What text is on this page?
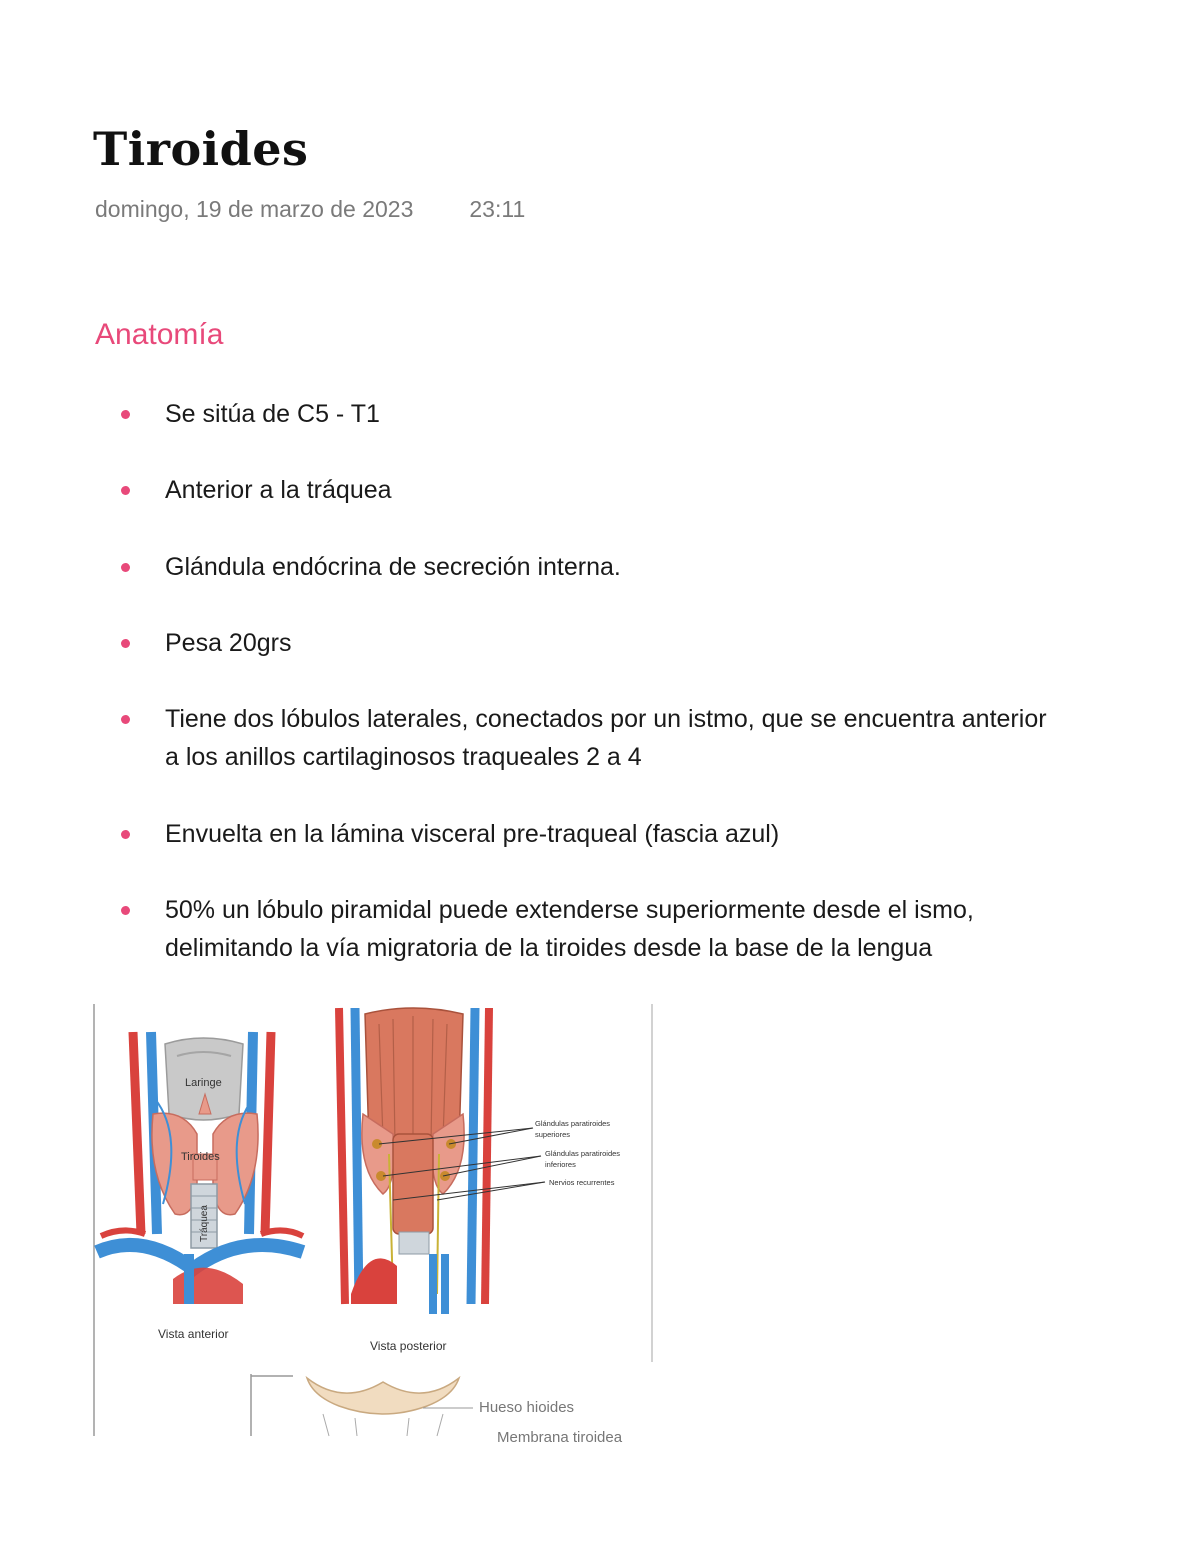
Tiroides
domingo, 19 de marzo de 2023 23:11
Anatomía
Se sitúa de C5 - T1
Anterior a la tráquea
Glándula endócrina de secreción interna.
Pesa 20grs
Tiene dos lóbulos laterales, conectados por un istmo, que se encuentra anterior
a los anillos cartilaginosos traqueales 2 a 4
Envuelta en la lámina visceral pre-traqueal (fascia azul)
50% un lóbulo piramidal puede extenderse superiormente desde el ismo,
delimitando la vía migratoria de la tiroides desde la base de la lengua
Laringe
Tiroides
Tráquea
Vista anterior
Glándulas paratiroides
superiores
Glándulas paratiroides
inferiores
Nervios recurrentes
Vista posterior
Hueso hioides
Membrana tiroidea
